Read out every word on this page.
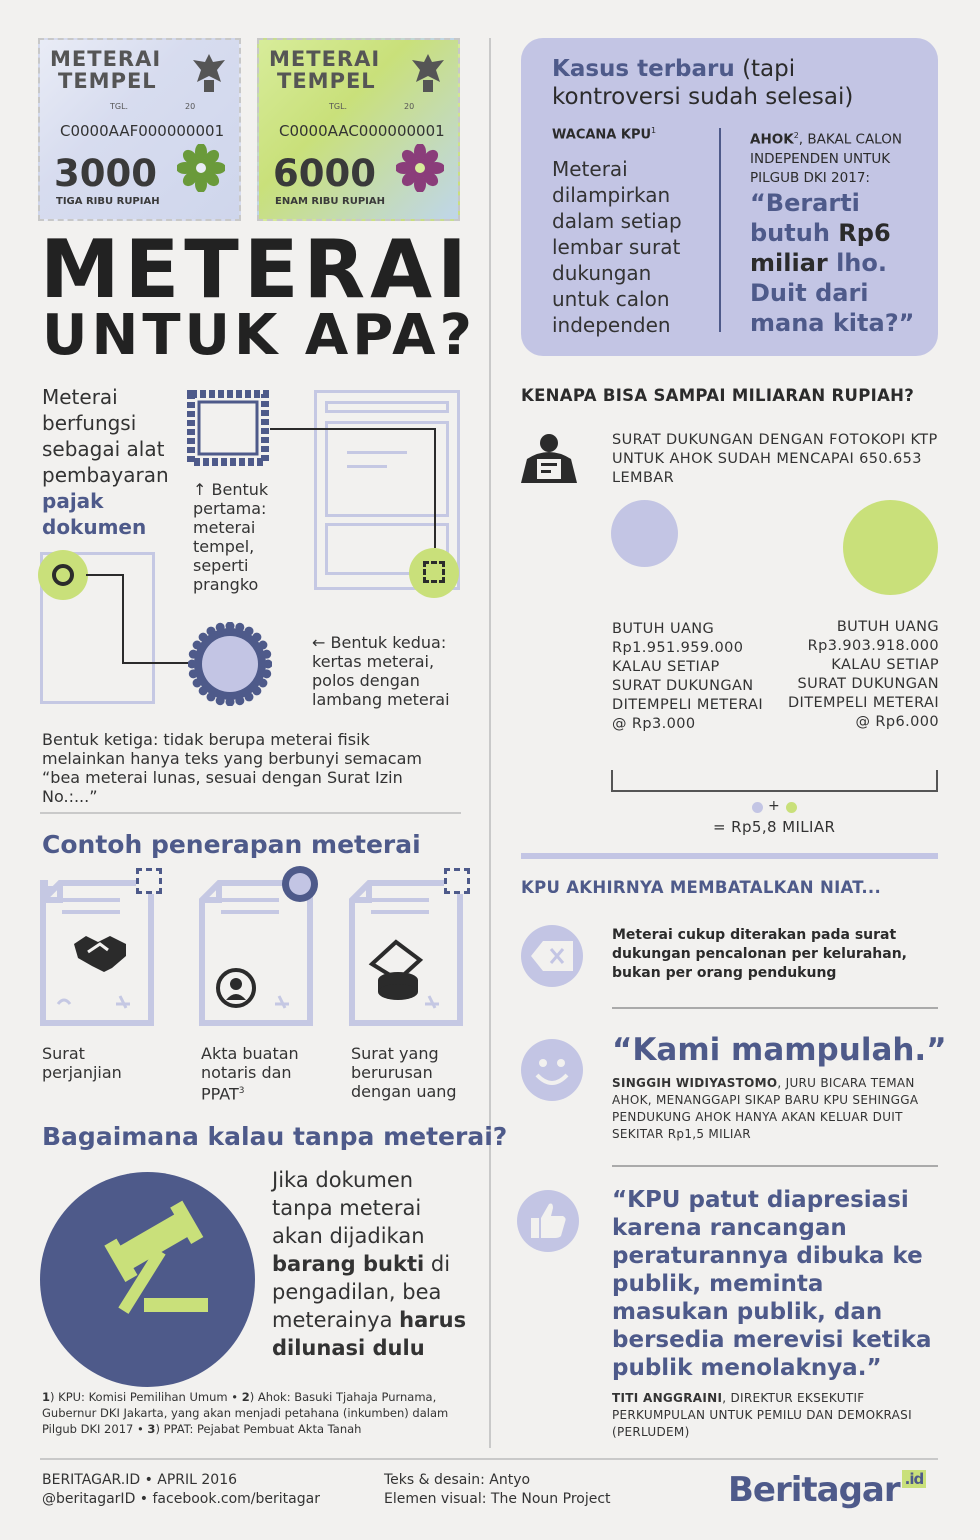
METERAI
TEMPEL
TGL.	20
C0000AAF000000001
3000
TIGA RIBU RUPIAH
METERAI
TEMPEL
TGL.	20
C0000AAC000000001
6000
ENAM RIBU RUPIAH
METERAI
UNTUK APA?
Meterai berfungsi sebagai alat pembayaran pajak dokumen
↑ Bentuk pertama: meterai tempel, seperti prangko
← Bentuk kedua: kertas meterai, polos dengan lambang meterai
Bentuk ketiga: tidak berupa meterai fisik melainkan hanya teks yang berbunyi semacam “bea meterai lunas, sesuai dengan Surat Izin No.:...”
Contoh penerapan meterai
Surat perjanjian
Akta buatan notaris dan PPAT$^3$
Surat yang berurusan dengan uang
Bagaimana kalau tanpa meterai?
Jika dokumen tanpa meterai akan dijadikan barang bukti di pengadilan, bea meterainya harus dilunasi dulu
1) KPU: Komisi Pemilihan Umum • 2) Ahok: Basuki Tjahaja Purnama, Gubernur DKI Jakarta, yang akan menjadi petahana (inkumben) dalam Pilgub DKI 2017 • 3) PPAT: Pejabat Pembuat Akta Tanah
BERITAGAR.ID • APRIL 2016
@beritagarID • facebook.com/beritagar
Teks & desain: Antyo
Elemen visual: The Noun Project	Beritagar $^{.id}$
Kasus terbaru (tapi kontroversi sudah selesai)
WACANA KPU$^1$
Meterai dilampirkan dalam setiap lembar surat dukungan untuk calon independen
AHOK$^2$, BAKAL CALON INDEPENDEN UNTUK PILGUB DKI 2017:
“Berarti butuh Rp6 miliar lho. Duit dari mana kita?”
KENAPA BISA SAMPAI MILIARAN RUPIAH?
SURAT DUKUNGAN DENGAN FOTOKOPI KTP UNTUK AHOK SUDAH MENCAPAI 650.653 LEMBAR
BUTUH UANG Rp1.951.959.000 KALAU SETIAP SURAT DUKUNGAN DITEMPELI METERAI @ Rp3.000
BUTUH UANG Rp3.903.918.000 KALAU SETIAP SURAT DUKUNGAN DITEMPELI METERAI @ Rp6.000
+
= Rp5,8 MILIAR
KPU AKHIRNYA MEMBATALKAN NIAT...
Meterai cukup diterakan pada surat dukungan pencalonan per kelurahan, bukan per orang pendukung
“Kami mampulah.”
SINGGIH WIDIYASTOMO, JURU BICARA TEMAN AHOK, MENANGGAPI SIKAP BARU KPU SEHINGGA PENDUKUNG AHOK HANYA AKAN KELUAR DUIT SEKITAR Rp1,5 MILIAR
“KPU patut diapresiasi karena rancangan peraturannya dibuka ke publik, meminta masukan publik, dan bersedia merevisi ketika publik menolaknya.”
TITI ANGGRAINI, DIREKTUR EKSEKUTIF PERKUMPULAN UNTUK PEMILU DAN DEMOKRASI (PERLUDEM)
